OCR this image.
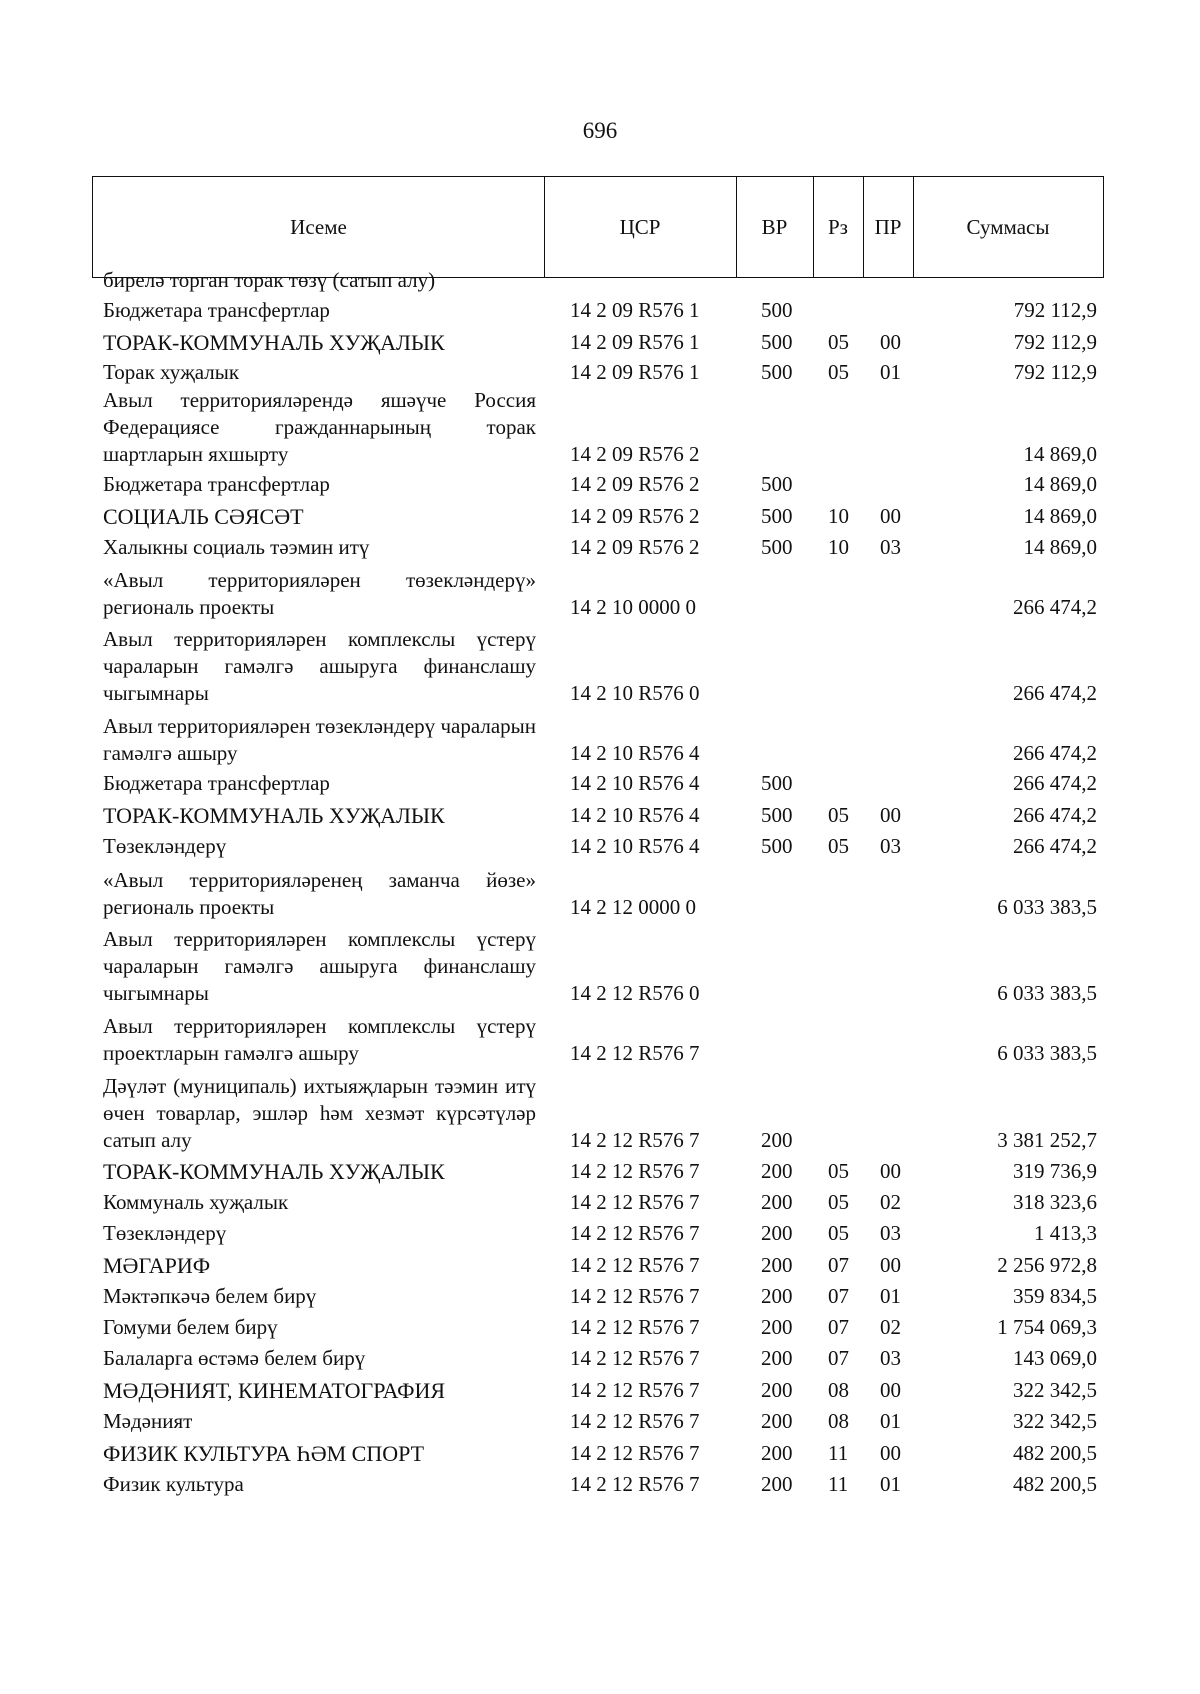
696
Исеме	ЦСР	ВР	Рз	ПР	Суммасы
бирелә торган торак төзү (сатып алу)
Бюджетара трансфертлар	14 2 09 R576 1	500	792 112,9
ТОРАК-КОММУНАЛЬ ХУҖАЛЫК	14 2 09 R576 1	500 05 00	792 112,9
Торак хуҗалык	14 2 09 R576 1	500 05 01	792 112,9
Авыл территорияләрендә яшәүче Россия Федерациясе гражданнарының торак шартларын яхшырту	14 2 09 R576 2	14 869,0
Бюджетара трансфертлар	14 2 09 R576 2	500	14 869,0
СОЦИАЛЬ СӘЯСӘТ	14 2 09 R576 2	500 10 00	14 869,0
Халыкны социаль тәэмин итү	14 2 09 R576 2	500 10 03	14 869,0
«Авыл территорияләрен төзекләндерү» региональ проекты	14 2 10 0000 0	266 474,2
Авыл территорияләрен комплекслы үстерү чараларын гамәлгә ашыруга финанслашу чыгымнары	14 2 10 R576 0	266 474,2
Авыл территорияләрен төзекләндерү чараларын гамәлгә ашыру	14 2 10 R576 4	266 474,2
Бюджетара трансфертлар	14 2 10 R576 4	500	266 474,2
ТОРАК-КОММУНАЛЬ ХУҖАЛЫК	14 2 10 R576 4	500 05 00	266 474,2
Төзекләндерү	14 2 10 R576 4	500 05 03	266 474,2
«Авыл территорияләренең заманча йөзе» региональ проекты	14 2 12 0000 0	6 033 383,5
Авыл территорияләрен комплекслы үстерү чараларын гамәлгә ашыруга финанслашу чыгымнары	14 2 12 R576 0	6 033 383,5
Авыл территорияләрен комплекслы үстерү проектларын гамәлгә ашыру	14 2 12 R576 7	6 033 383,5
Дәүләт (муниципаль) ихтыяҗларын тәэмин итү өчен товарлар, эшләр һәм хезмәт күрсәтүләр сатып алу	14 2 12 R576 7	200	3 381 252,7
ТОРАК-КОММУНАЛЬ ХУҖАЛЫК	14 2 12 R576 7	200 05 00	319 736,9
Коммуналь хуҗалык	14 2 12 R576 7	200 05 02	318 323,6
Төзекләндерү	14 2 12 R576 7	200 05 03	1 413,3
МӘГАРИФ	14 2 12 R576 7	200 07 00	2 256 972,8
Мәктәпкәчә белем бирү	14 2 12 R576 7	200 07 01	359 834,5
Гомуми белем бирү	14 2 12 R576 7	200 07 02	1 754 069,3
Балаларга өстәмә белем бирү	14 2 12 R576 7	200 07 03	143 069,0
МӘДӘНИЯТ, КИНЕМАТОГРАФИЯ	14 2 12 R576 7	200 08 00	322 342,5
Мәдәният	14 2 12 R576 7	200 08 01	322 342,5
ФИЗИК КУЛЬТУРА ҺӘМ СПОРТ	14 2 12 R576 7	200 11 00	482 200,5
Физик культура	14 2 12 R576 7	200 11 01	482 200,5
